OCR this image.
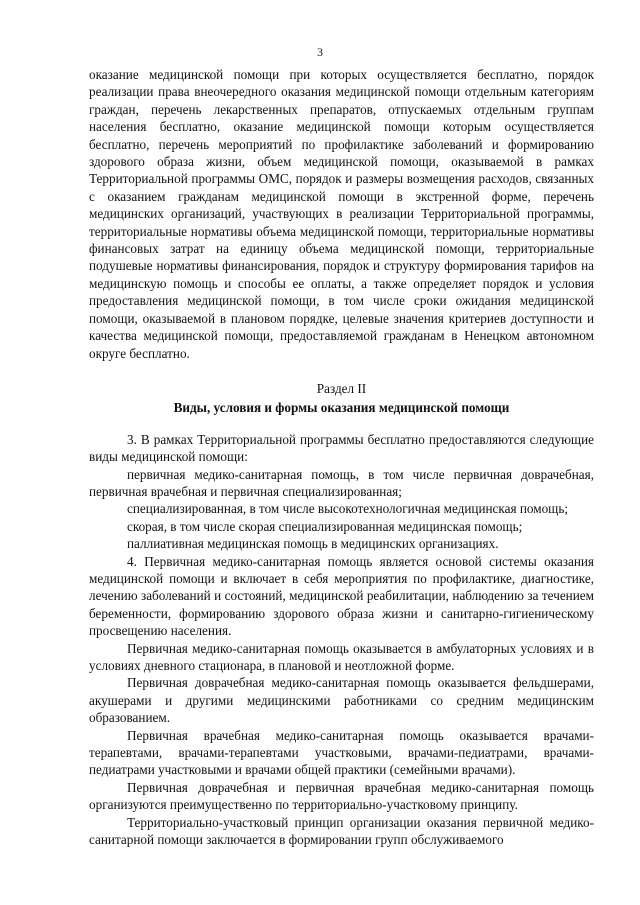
3

оказание медицинской помощи при которых осуществляется бесплатно, порядок реализации права внеочередного оказания медицинской помощи отдельным категориям граждан, перечень лекарственных препаратов, отпускаемых отдельным группам населения бесплатно, оказание медицинской помощи которым осуществляется бесплатно, перечень мероприятий по профилактике заболеваний и формированию здорового образа жизни, объем медицинской помощи, оказываемой в рамках Территориальной программы ОМС, порядок и размеры возмещения расходов, связанных с оказанием гражданам медицинской помощи в экстренной форме, перечень медицинских организаций, участвующих в реализации Территориальной программы, территориальные нормативы объема медицинской помощи, территориальные нормативы финансовых затрат на единицу объема медицинской помощи, территориальные подушевые нормативы финансирования, порядок и структуру формирования тарифов на медицинскую помощь и способы ее оплаты, а также определяет порядок и условия предоставления медицинской помощи, в том числе сроки ожидания медицинской помощи, оказываемой в плановом порядке, целевые значения критериев доступности и качества медицинской помощи, предоставляемой гражданам в Ненецком автономном округе бесплатно.

Раздел II
Виды, условия и формы оказания медицинской помощи

3. В рамках Территориальной программы бесплатно предоставляются следующие виды медицинской помощи:

первичная медико-санитарная помощь, в том числе первичная доврачебная, первичная врачебная и первичная специализированная;

специализированная, в том числе высокотехнологичная медицинская помощь;

скорая, в том числе скорая специализированная медицинская помощь;

паллиативная медицинская помощь в медицинских организациях.

4. Первичная медико-санитарная помощь является основой системы оказания медицинской помощи и включает в себя мероприятия по профилактике, диагностике, лечению заболеваний и состояний, медицинской реабилитации, наблюдению за течением беременности, формированию здорового образа жизни и санитарно-гигиеническому просвещению населения.

Первичная медико-санитарная помощь оказывается в амбулаторных условиях и в условиях дневного стационара, в плановой и неотложной форме.

Первичная доврачебная медико-санитарная помощь оказывается фельдшерами, акушерами и другими медицинскими работниками со средним медицинским образованием.

Первичная врачебная медико-санитарная помощь оказывается врачами-терапевтами, врачами-терапевтами участковыми, врачами-педиатрами, врачами-педиатрами участковыми и врачами общей практики (семейными врачами).

Первичная доврачебная и первичная врачебная медико-санитарная помощь организуются преимущественно по территориально-участковому принципу.

Территориально-участковый принцип организации оказания первичной медико-санитарной помощи заключается в формировании групп обслуживаемого
